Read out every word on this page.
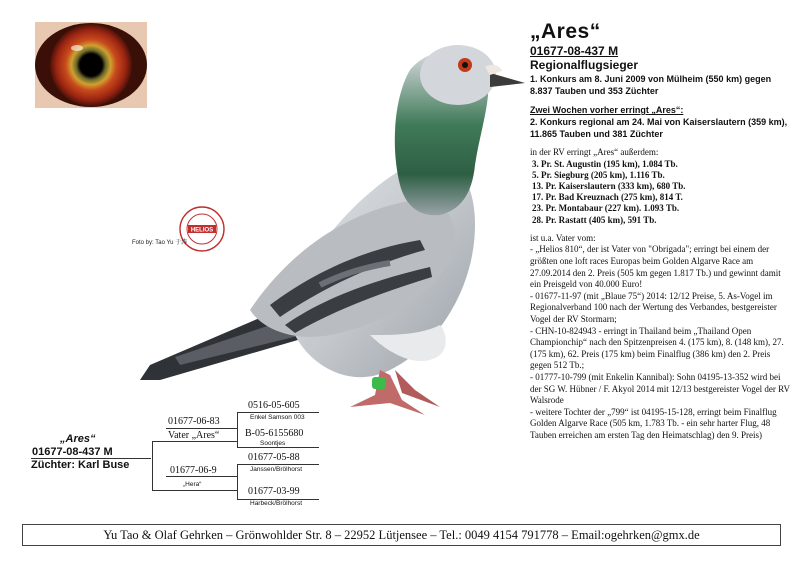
HELIOS
Foto by: Tao Yu 于涛
„Ares“
01677-08-437 M
Regionalflugsieger
1. Konkurs am 8. Juni 2009 von Mülheim (550 km) gegen 8.837 Tauben und 353 Züchter
Zwei Wochen vorher erringt „Ares“:
2. Konkurs regional am 24. Mai von Kaiserslautern (359 km), 11.865 Tauben und 381 Züchter
in der RV erringt „Ares“ außerdem:
3. Pr. St. Augustin (195 km), 1.084 Tb.
5. Pr. Siegburg (205 km), 1.116 Tb.
13. Pr. Kaiserslautern (333 km), 680 Tb.
17. Pr. Bad Kreuznach (275 km), 814 T.
23. Pr. Montabaur (227 km). 1.093 Tb.
28. Pr. Rastatt (405 km), 591 Tb.
ist u.a. Vater vom:
- „Helios 810“, der ist Vater von "Obrigada"; erringt bei einem der größten one loft races Europas beim Golden Algarve Race am 27.09.2014 den 2. Preis (505 km gegen 1.817 Tb.) und gewinnt damit ein Preisgeld von 40.000 Euro!
- 01677-11-97 (mit „Blaue 75“) 2014: 12/12 Preise, 5. As-Vogel im Regionalverband 100 nach der Wertung des Verbandes, bestgereister Vogel der RV Stormarn;
- CHN-10-824943 - erringt in Thailand beim „Thailand Open Championchip“ nach den Spitzenpreisen 4. (175 km), 8. (148 km), 27. (175 km), 62. Preis (175 km) beim Finalflug (386 km) den 2. Preis gegen 512 Tb.;
- 01777-10-799 (mit Enkelin Kannibal): Sohn 04195-13-352 wird bei der SG W. Hübner / F. Akyol 2014 mit 12/13 bestgereister Vogel der RV Walsrode
- weitere Tochter der „799“ ist 04195-15-128, erringt beim Finalflug Golden Algarve Race (505 km, 1.783 Tb. - ein sehr harter Flug, 48 Tauben erreichen am ersten Tag den Heimatschlag) den 9. Preis)
„Ares“
01677-08-437 M
Züchter: Karl Buse
01677-06-83
Vater „Ares“
01677-06-9
„Hera“
0516-05-605
Enkel Samson 003
B-05-6155680
Soontjes
01677-05-88
Janssen/Brölhorst
01677-03-99
Harbeck/Brölhorst
Yu Tao & Olaf Gehrken – Grönwohlder Str. 8 – 22952 Lütjensee – Tel.: 0049 4154 791778 – Email:ogehrken@gmx.de
